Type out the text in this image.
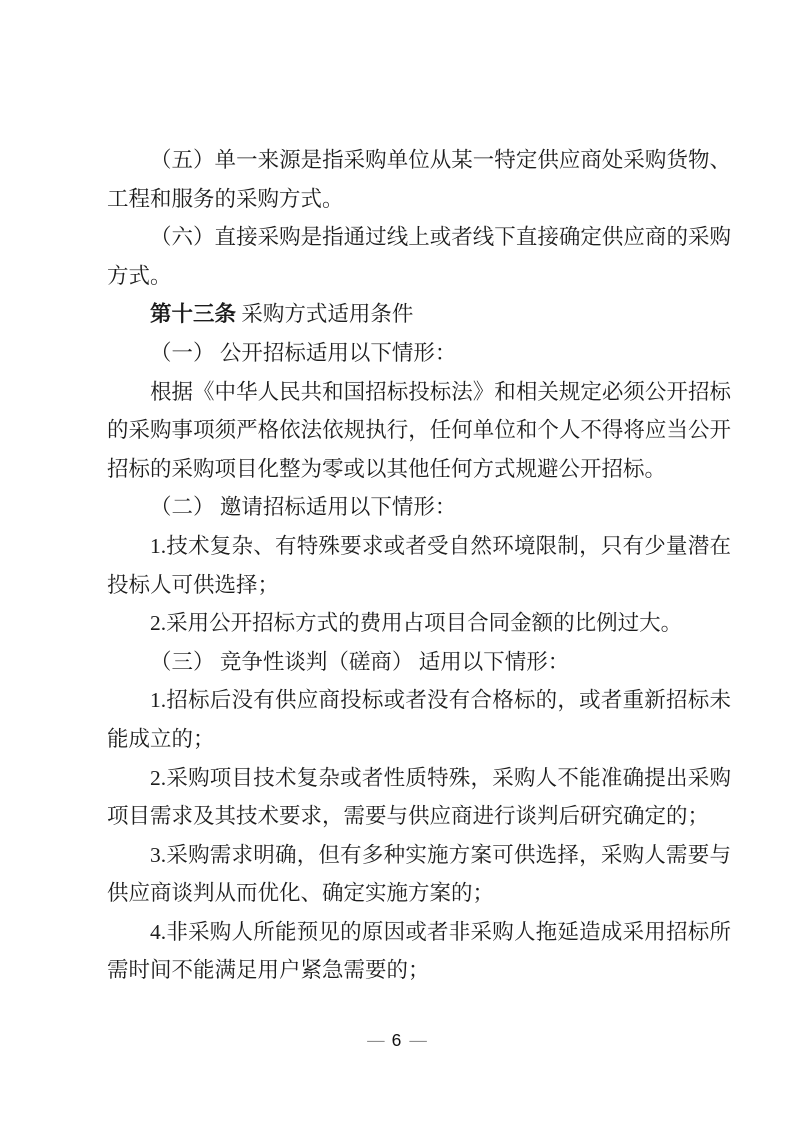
（五）单一来源是指采购单位从某一特定供应商处采购货物、工程和服务的采购方式。

（六）直接采购是指通过线上或者线下直接确定供应商的采购方式。

第十三条 采购方式适用条件

（一） 公开招标适用以下情形：

根据《中华人民共和国招标投标法》和相关规定必须公开招标的采购事项须严格依法依规执行，任何单位和个人不得将应当公开招标的采购项目化整为零或以其他任何方式规避公开招标。

（二） 邀请招标适用以下情形：

1.技术复杂、有特殊要求或者受自然环境限制，只有少量潜在投标人可供选择；

2.采用公开招标方式的费用占项目合同金额的比例过大。

（三） 竞争性谈判（磋商） 适用以下情形：

1.招标后没有供应商投标或者没有合格标的，或者重新招标未能成立的；

2.采购项目技术复杂或者性质特殊，采购人不能准确提出采购项目需求及其技术要求，需要与供应商进行谈判后研究确定的；

3.采购需求明确，但有多种实施方案可供选择，采购人需要与供应商谈判从而优化、确定实施方案的；

4.非采购人所能预见的原因或者非采购人拖延造成采用招标所需时间不能满足用户紧急需要的；

— 6 —
